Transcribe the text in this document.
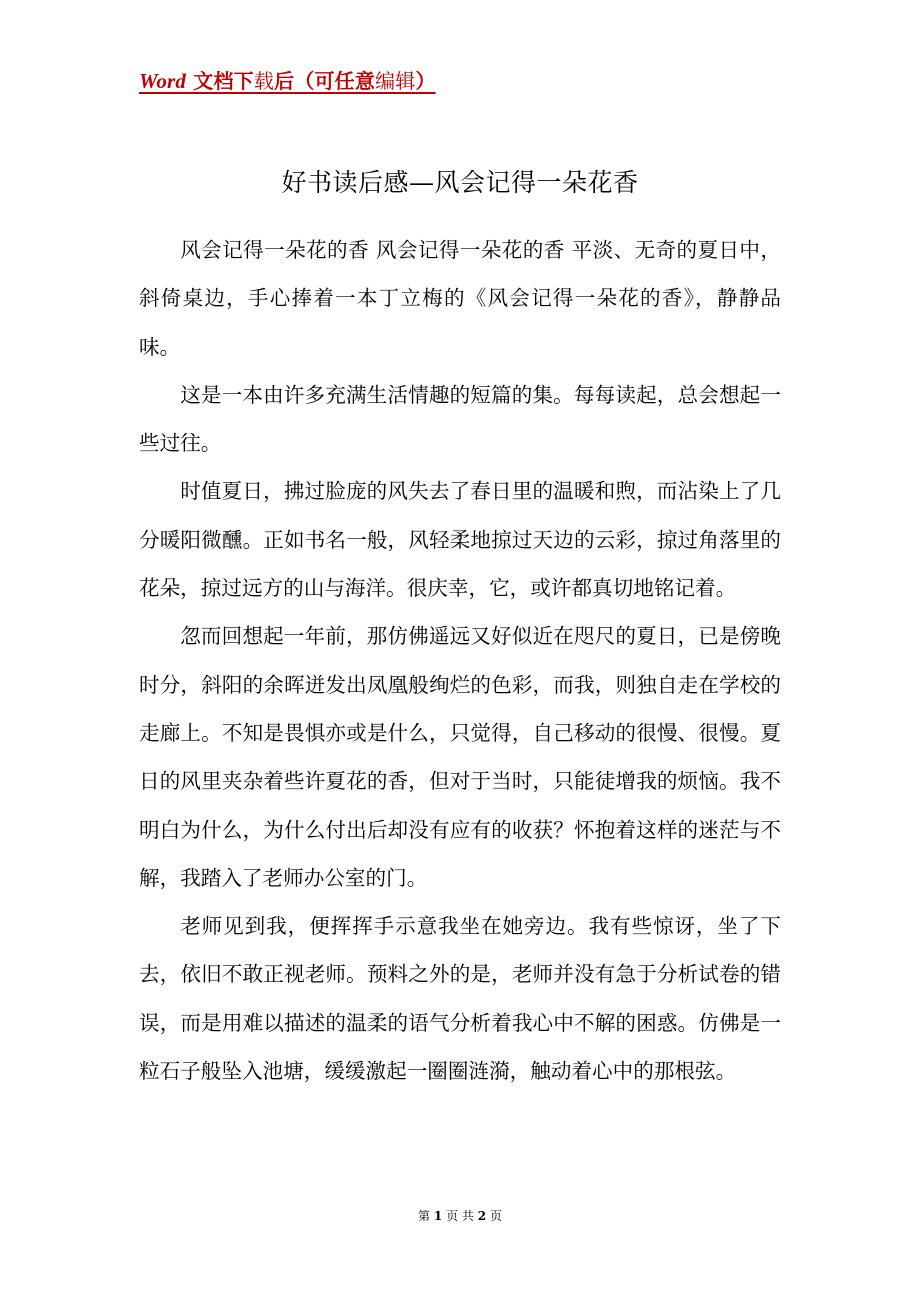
Word 文档下载后（可任意编辑）
好书读后感—风会记得一朵花香

风会记得一朵花的香 风会记得一朵花的香 平淡、无奇的夏日中，斜倚桌边，手心捧着一本丁立梅的《风会记得一朵花的香》，静静品味。

这是一本由许多充满生活情趣的短篇的集。每每读起，总会想起一些过往。

时值夏日，拂过脸庞的风失去了春日里的温暖和煦，而沾染上了几分暖阳微醺。正如书名一般，风轻柔地掠过天边的云彩，掠过角落里的花朵，掠过远方的山与海洋。很庆幸，它，或许都真切地铭记着。

忽而回想起一年前，那仿佛遥远又好似近在咫尺的夏日，已是傍晚时分，斜阳的余晖迸发出凤凰般绚烂的色彩，而我，则独自走在学校的走廊上。不知是畏惧亦或是什么，只觉得，自己移动的很慢、很慢。夏日的风里夹杂着些许夏花的香，但对于当时，只能徒增我的烦恼。我不明白为什么，为什么付出后却没有应有的收获？怀抱着这样的迷茫与不解，我踏入了老师办公室的门。

老师见到我，便挥挥手示意我坐在她旁边。我有些惊讶，坐了下去，依旧不敢正视老师。预料之外的是，老师并没有急于分析试卷的错误，而是用难以描述的温柔的语气分析着我心中不解的困惑。仿佛是一粒石子般坠入池塘，缓缓激起一圈圈涟漪，触动着心中的那根弦。

第 1 页 共 2 页
